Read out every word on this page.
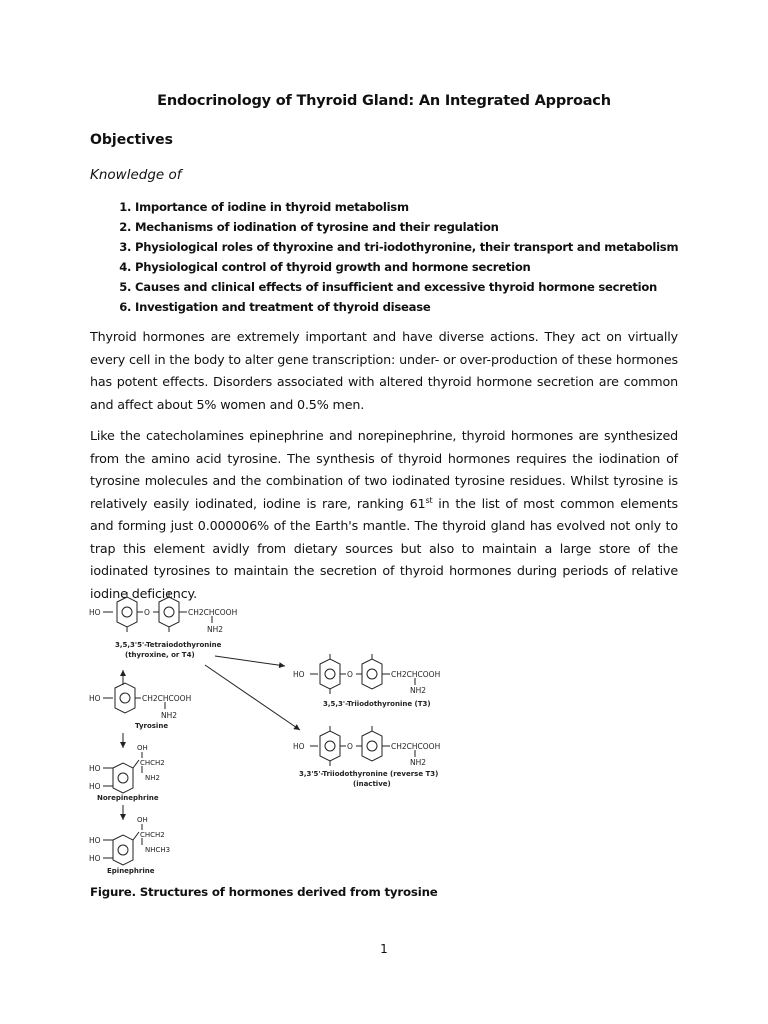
Endocrinology of Thyroid Gland: An Integrated Approach
Objectives
Knowledge of
1. Importance of iodine in thyroid metabolism
2. Mechanisms of iodination of tyrosine and their regulation
3. Physiological roles of thyroxine and tri-iodothyronine, their transport and metabolism
4. Physiological control of thyroid growth and hormone secretion
5. Causes and clinical effects of insufficient and excessive thyroid hormone secretion
6. Investigation and treatment of thyroid disease

Thyroid hormones are extremely important and have diverse actions. They act on virtually every cell in the body to alter gene transcription: under- or over-production of these hormones has potent effects. Disorders associated with altered thyroid hormone secretion are common and affect about 5% women and 0.5% men.

Like the catecholamines epinephrine and norepinephrine, thyroid hormones are synthesized from the amino acid tyrosine. The synthesis of thyroid hormones requires the iodination of tyrosine molecules and the combination of two iodinated tyrosine residues. Whilst tyrosine is relatively easily iodinated, iodine is rare, ranking 61st in the list of most common elements and forming just 0.000006% of the Earth's mantle. The thyroid gland has evolved not only to trap this element avidly from dietary sources but also to maintain a large store of the iodinated tyrosines to maintain the secretion of thyroid hormones during periods of relative iodine deficiency.

HO	O	CH2CHCOOH
NH2
3,5,3'5'-Tetraiodothyronine
(thyroxine, or T4)
HO	CH2CHCOOH
NH2
Tyrosine
OH
HO
HO
CHCH2
NH2
Norepinephrine
OH
HO
HO
CHCH2
NHCH3
Epinephrine
HO	O	CH2CHCOOH
NH2
3,5,3'-Triiodothyronine (T3)
HO	O	CH2CHCOOH
NH2
3,3'5'-Triiodothyronine (reverse T3)
(inactive)
Figure. Structures of hormones derived from tyrosine
1
